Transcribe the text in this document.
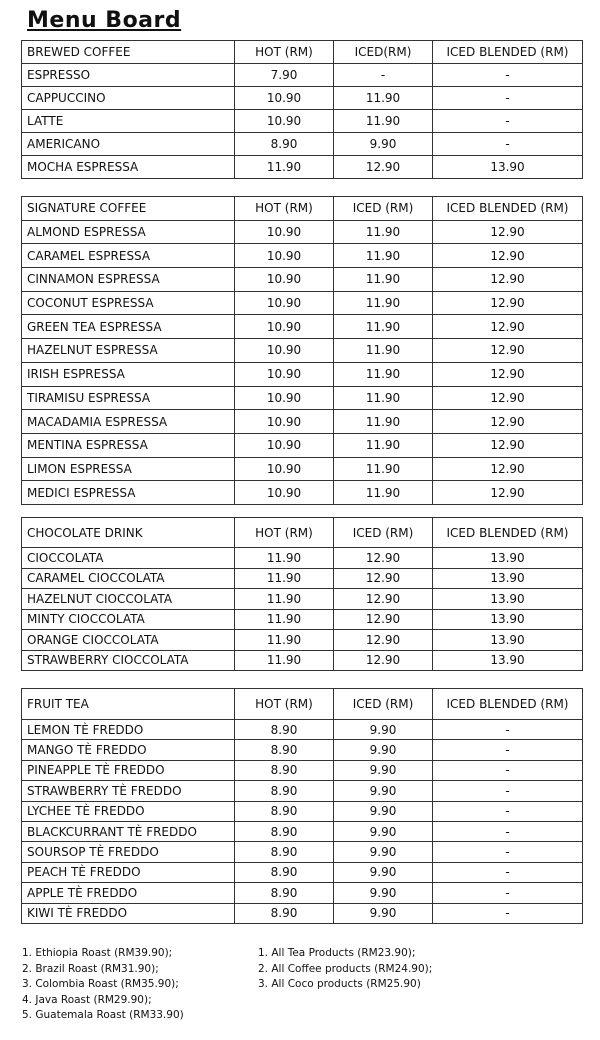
Menu Board
BREWED COFFEE	HOT (RM)	ICED(RM)	ICED BLENDED (RM)
ESPRESSO	7.90	-	-
CAPPUCCINO	10.90	11.90	-
LATTE	10.90	11.90	-
AMERICANO	8.90	9.90	-
MOCHA ESPRESSA	11.90	12.90	13.90
SIGNATURE COFFEE	HOT (RM)	ICED (RM)	ICED BLENDED (RM)
ALMOND ESPRESSA	10.90	11.90	12.90
CARAMEL ESPRESSA	10.90	11.90	12.90
CINNAMON ESPRESSA	10.90	11.90	12.90
COCONUT ESPRESSA	10.90	11.90	12.90
GREEN TEA ESPRESSA	10.90	11.90	12.90
HAZELNUT ESPRESSA	10.90	11.90	12.90
IRISH ESPRESSA	10.90	11.90	12.90
TIRAMISU ESPRESSA	10.90	11.90	12.90
MACADAMIA ESPRESSA	10.90	11.90	12.90
MENTINA ESPRESSA	10.90	11.90	12.90
LIMON ESPRESSA	10.90	11.90	12.90
MEDICI ESPRESSA	10.90	11.90	12.90
CHOCOLATE DRINK	HOT (RM)	ICED (RM)	ICED BLENDED (RM)
CIOCCOLATA	11.90	12.90	13.90
CARAMEL CIOCCOLATA	11.90	12.90	13.90
HAZELNUT CIOCCOLATA	11.90	12.90	13.90
MINTY CIOCCOLATA	11.90	12.90	13.90
ORANGE CIOCCOLATA	11.90	12.90	13.90
STRAWBERRY CIOCCOLATA	11.90	12.90	13.90
FRUIT TEA	HOT (RM)	ICED (RM)	ICED BLENDED (RM)
LEMON TÈ FREDDO	8.90	9.90	-
MANGO TÈ FREDDO	8.90	9.90	-
PINEAPPLE TÈ FREDDO	8.90	9.90	-
STRAWBERRY TÈ FREDDO	8.90	9.90	-
LYCHEE TÈ FREDDO	8.90	9.90	-
BLACKCURRANT TÈ FREDDO	8.90	9.90	-
SOURSOP TÈ FREDDO	8.90	9.90	-
PEACH TÈ FREDDO	8.90	9.90	-
APPLE TÈ FREDDO	8.90	9.90	-
KIWI TÈ FREDDO	8.90	9.90	-
1. Ethiopia Roast (RM39.90);
2. Brazil Roast (RM31.90);
3. Colombia Roast (RM35.90);
4. Java Roast (RM29.90);
5. Guatemala Roast (RM33.90)
1. All Tea Products (RM23.90);
2. All Coffee products (RM24.90);
3. All Coco products (RM25.90)
